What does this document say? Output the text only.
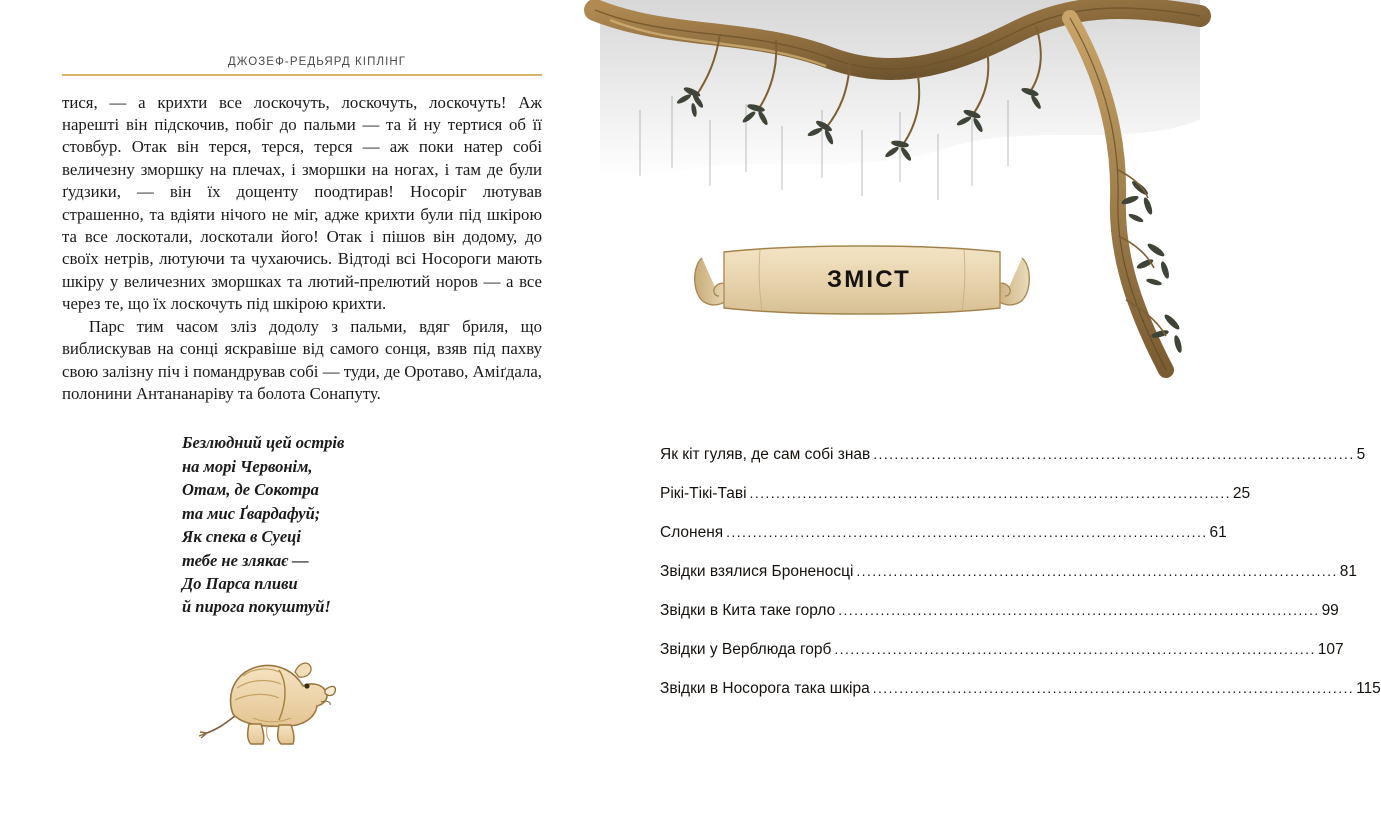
ДЖОЗЕФ-РЕДЬЯРД КІПЛІНГ

тися, — а крихти все лоскочуть, лоскочуть, лоскочуть! Аж нарешті він підскочив, побіг до пальми — та й ну тертися об її стовбур. Отак він терся, терся, терся — аж поки натер собі величезну зморшку на плечах, і зморшки на ногах, і там де були ґудзики, — він їх дощенту поодтирав! Носоріг лютував страшенно, та вдіяти нічого не міг, адже крихти були під шкірою та все лоскотали, лоскотали його! Отак і пішов він додому, до своїх нетрів, лютуючи та чухаючись. Відтоді всі Носороги мають шкіру у величезних зморшках та лютий-прелютий норов — а все через те, що їх лоскочуть під шкірою крихти.

Парс тим часом зліз додолу з пальми, вдяг бриля, що виблискував на сонці яскравіше від самого сонця, взяв під пахву свою залізну піч і помандрував собі — туди, де Оротаво, Аміґдала, полонини Антананаріву та болота Сонапуту.

Безлюдний цей острів
на морі Червонім,
Отам, де Сокотра
та мис Ґвардафуй;
Як спека в Суеці
тебе не злякає —
До Парса пливи
й пирога покуштуй!
ЗМІСТ
Як кіт гуляв, де сам собі знав ........................................................................................... 5
Рікі-Тікі-Таві ........................................................................................... 25
Слоненя ........................................................................................... 61
Звідки взялися Броненосці ........................................................................................... 81
Звідки в Кита таке горло ........................................................................................... 99
Звідки у Верблюда горб ........................................................................................... 107
Звідки в Носорога така шкіра ........................................................................................... 115
